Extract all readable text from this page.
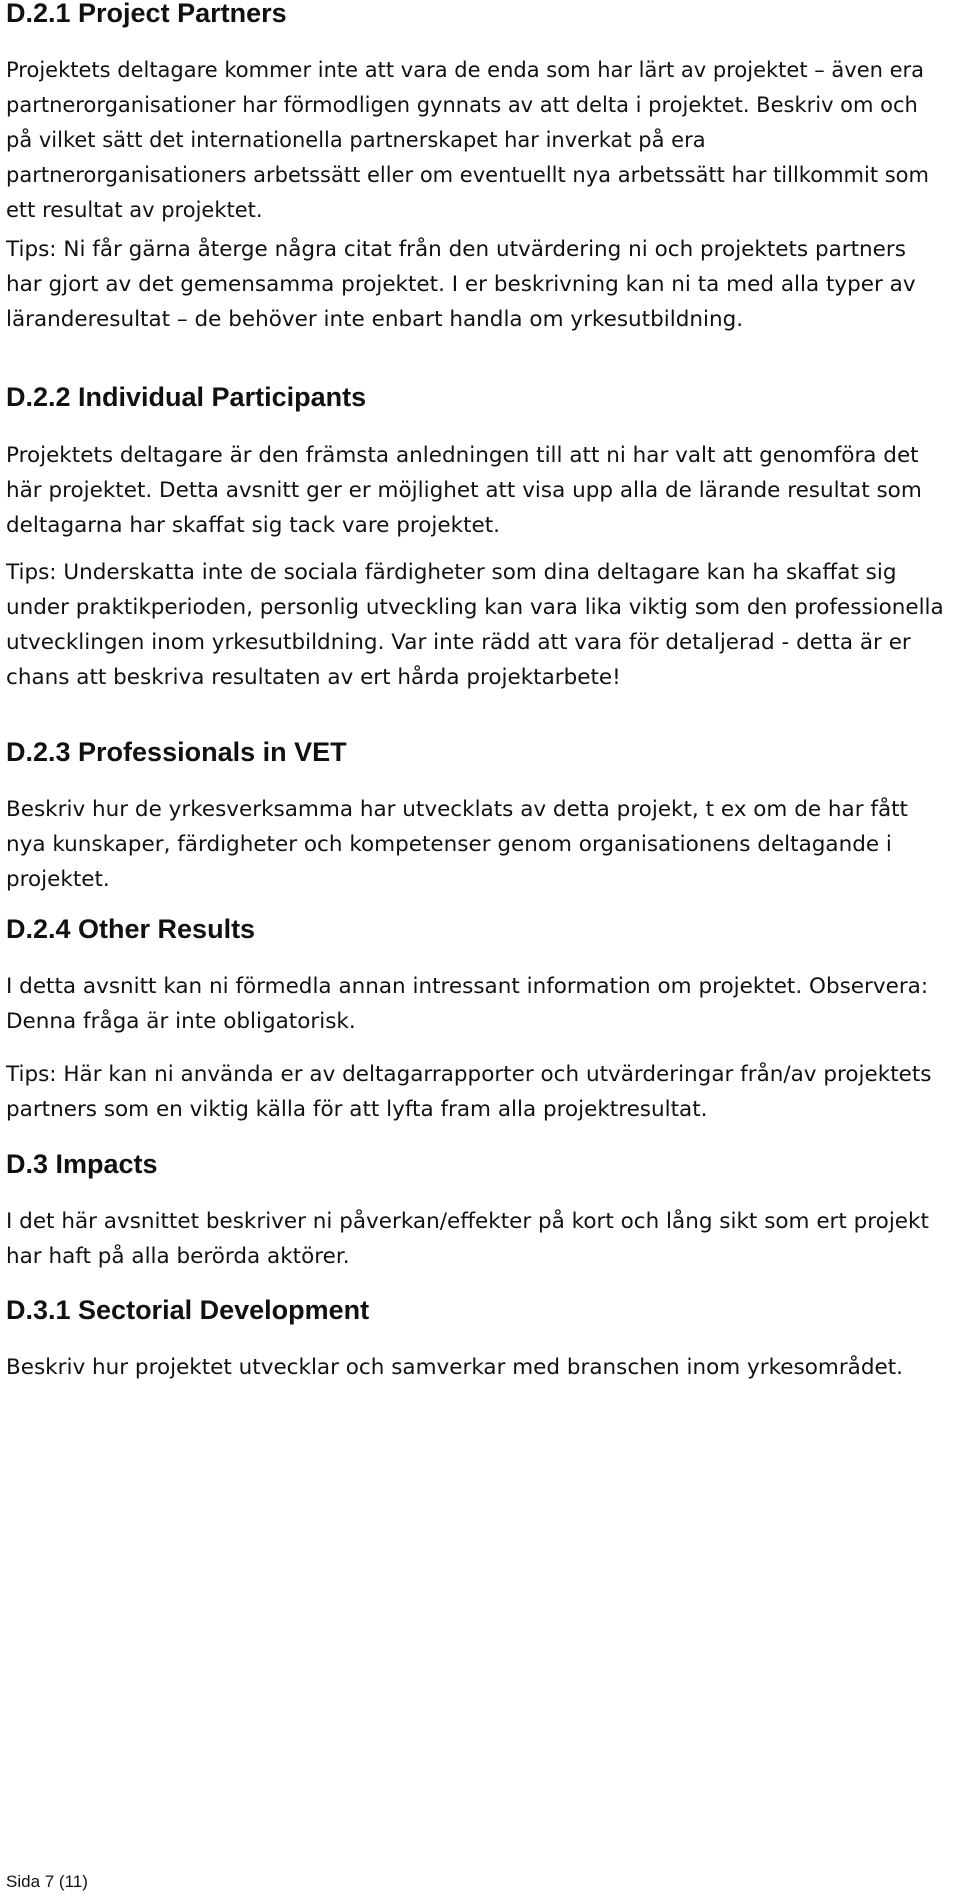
D.2.1 Project Partners

Projektets deltagare kommer inte att vara de enda som har lärt av projektet – även era partnerorganisationer har förmodligen gynnats av att delta i projektet. Beskriv om och på vilket sätt det internationella partnerskapet har inverkat på era partnerorganisationers arbetssätt eller om eventuellt nya arbetssätt har tillkommit som ett resultat av projektet.

Tips: Ni får gärna återge några citat från den utvärdering ni och projektets partners har gjort av det gemensamma projektet. I er beskrivning kan ni ta med alla typer av läranderesultat – de behöver inte enbart handla om yrkesutbildning.

D.2.2 Individual Participants

Projektets deltagare är den främsta anledningen till att ni har valt att genomföra det här projektet. Detta avsnitt ger er möjlighet att visa upp alla de lärande resultat som deltagarna har skaffat sig tack vare projektet.

Tips: Underskatta inte de sociala färdigheter som dina deltagare kan ha skaffat sig under praktikperioden, personlig utveckling kan vara lika viktig som den professionella utvecklingen inom yrkesutbildning. Var inte rädd att vara för detaljerad - detta är er chans att beskriva resultaten av ert hårda projektarbete!

D.2.3 Professionals in VET

Beskriv hur de yrkesverksamma har utvecklats av detta projekt, t ex om de har fått nya kunskaper, färdigheter och kompetenser genom organisationens deltagande i projektet.

D.2.4 Other Results

I detta avsnitt kan ni förmedla annan intressant information om projektet. Observera: Denna fråga är inte obligatorisk.

Tips: Här kan ni använda er av deltagarrapporter och utvärderingar från/av projektets partners som en viktig källa för att lyfta fram alla projektresultat.

D.3 Impacts

I det här avsnittet beskriver ni påverkan/effekter på kort och lång sikt som ert projekt har haft på alla berörda aktörer.

D.3.1 Sectorial Development

Beskriv hur projektet utvecklar och samverkar med branschen inom yrkesområdet.

Sida 7 (11)
